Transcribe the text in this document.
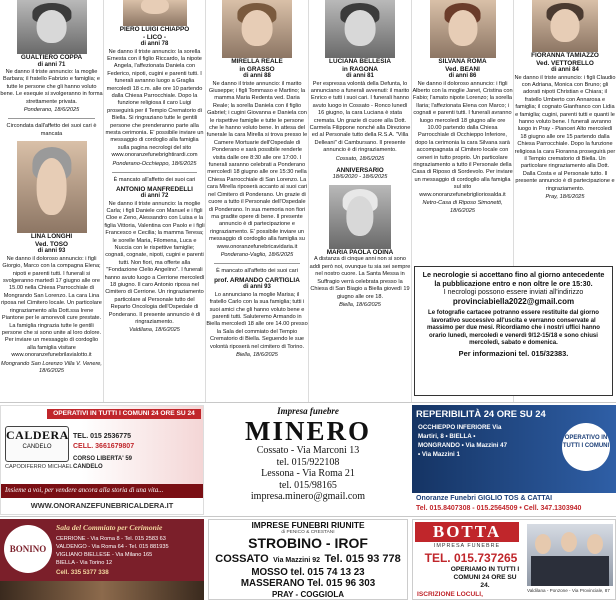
GUALTIERO COPPA
di anni 71

Ne danno il triste annuncio: la moglie Barbara; il fratello Fabrizio e famiglia; e tutte le persone che gli hanno voluto bene. Le esequie si svolgeranno in forma strettamente privata.

Ponderano, 18/6/2025

Circondata dall'affetto dei suoi cari è mancata

LINA LONGHI
Ved. TOSO
di anni 93

Ne danno il doloroso annuncio: i figli Giorgio, Marco con la compagna Elena; nipoti e parenti tutti. I funerali si svolgeranno martedì 17 giugno alle ore 15.00 nella Chiesa Parrocchiale di Mongrando San Lorenzo. La cara Lina riposa nel Cimitero locale. Un particolare ringraziamento alla Dott.ssa Irene Piantone per le amorevoli cure prestate. La famiglia ringrazia tutte le gentili persone che si sono unite al loro dolore. Per inviare un messaggio di cordoglio alla famiglia visitare www.onoranzefunebrilavialotto.it

Mongrando San Lorenzo Villa V. Venere, 18/6/2025

PIERO LUIGI CHIAPPO
- LICO -
di anni 78

Ne danno il triste annuncio: la sorella Ernesta con il figlio Riccardo, la nipote Angela, l'affezionata Daniela con Federico, nipoti, cugini e parenti tutti. I funerali avranno luogo a Graglia mercoledì 18 c.m. alle ore 10 partendo dalla Chiesa Parrocchiale. Dopo la funzione religiosa il caro Luigi proseguirà per il Tempio Crematorio di Biella. Si ringraziano tutte le gentili persone che prenderanno parte alla mesta cerimonia. E' possibile inviare un messaggio di cordoglio alla famiglia sulla pagina necrologi del sito www.onoranzefunebrightirardi.com

Ponderano-Occhieppo, 18/6/2025

È mancato all'affetto dei suoi cari

ANTONIO MANFREDELLI
di anni 72

Ne danno il triste annuncio: la moglie Carla; i figli Daniele con Manuel e i figli Cloe e Zeno, Alessandro con Luisa e la figlia Vittoria, Valentina con Paolo e i figli Francesco e Cecilia; la mamma Teresa; le sorelle Maria, Filomena, Luca e Nuccia con le rispettive famiglie; cognati, cognate, nipoti, cugini e parenti tutti. Non fiori, ma offerte alla "Fondazione Clelio Angelino". I funerali hanno avuto luogo a Cerrione mercoledì 18 giugno. Il caro Antonio riposa nel Cimitero di Cerrione. Un ringraziamento particolare al Personale tutto del Reparto Oncologia dell'Ospedale di Ponderano. Il presente annuncio è di ringraziamento.

Valdilana, 18/6/2025

MIRELLA REALE
in GRASSO
di anni 88

Ne danno il triste annuncio: il marito Giuseppe; i figli Tommaso e Martino; la mamma Maria Redenta ved. Daria Reale; la sorella Daniela con il figlio Gabriel; i cugini Giovanna e Daniela con le rispettive famiglie e tutte le persone che le hanno voluto bene. In attesa del funerale la cara Mirella si trova presso le Camere Mortuarie dell'Ospedale di Ponderano e sarà possibile renderle visita dalle ore 8:30 alle ore 17:00. I funerali saranno celebrati a Ponderano mercoledì 18 giugno alle ore 15:30 nella Chiesa Parrocchiale di San Lorenzo. La cara Mirella riposerà accanto ai suoi cari nel Cimitero di Ponderano. Un grazie di cuore a tutto il Personale dell'Ospedale di Ponderano. In sua memoria non fiori ma gradite opere di bene. Il presente annuncio è di partecipazione e ringraziamento. E' possibile inviare un messaggio di cordoglio alla famiglia su www.onoranzefunebricavidaria.it

Ponderano-Vaglio, 18/6/2025

È mancato all'affetto dei suoi cari

prof. ARMANDO CARTIGLIA
di anni 93

Lo annunciano la moglie Marisa; il fratello Carlo con la sua famiglia; tutti i suoi amici che gli hanno voluto bene e parenti tutti. Saluteremo Armando in Biella mercoledì 18 alle ore 14.00 presso la Sala del commiato del Tempio Crematorio di Biella. Seguendo le sue volontà riposerà nel cimitero di Torino.

Biella, 18/6/2025

LUCIANA BELLESIA
in RAGONA
di anni 81

Per espressa volontà della Defunta, lo annunciano a funerali avvenuti: il marito Enrico e tutti i suoi cari. I funerali hanno avuto luogo in Cossato - Ronco lunedì 16 giugno, la cara Luciana è stata cremata. Un grazie di cuore alla Dott. Carmela Filippone nonché alla Direzione ed al Personale tutto della R.S.A. "Villa Delleani" di Cambursano. Il presente annuncio è di ringraziamento.

Cossato, 18/6/2025

ANNIVERSARIO

18/6/2020 - 18/6/2025

MARIA PAOLA ODINA

A distanza di cinque anni non si sono addi però noi, ovunque tu sia sei sempre nel nostro cuore. La Santa Messa in Suffragio verrà celebrata presso la Chiesa di San Biagio a Biella giovedì 19 giugno alle ore 18.

Biella, 18/6/2025

SILVANA ROMA
Ved. BEANI
di anni 86

Ne danno il doloroso annuncio: i figli Alberto con la moglie Janet, Cristina con Fabio; l'amato nipote Lorenzo; la sorella Ilaria; l'affezionata Elena con Marco; i cognati e parenti tutti. I funerali avranno luogo mercoledì 18 giugno alle ore 10.00 partendo dalla Chiesa Parrocchiale di Occhieppo Inferiore, dopo la cerimonia la cara Silvana sarà accompagnata al Cimitero locale con ceneri in tutto proprio. Un particolare ringraziamento a tutto il Personale della Casa di Riposo di Sordevolo. Per inviare un messaggio di cordoglio alla famiglia sul sito www.onoranzefunebriglioriosalda.it

Netro-Casa di Riposo Simonetti, 18/6/2025

FIORANNA TAMIAZZO
Ved. VETTORELLO
di anni 84

Ne danno il triste annuncio: i figli Claudio con Adriana, Monica con Bruno; gli adorati nipoti Christian e Chiara; il fratello Umberto con Annarosa e famiglia; il cognato Gianfranco con Lidia e famiglia; cugini, parenti tutti e quanti le hanno voluto bene. I funerali avranno luogo in Pray - Pianceri Alto mercoledì 18 giugno alle ore 15 partendo dalla Chiesa Parrocchiale. Dopo la funzione religiosa la cara Fioranna proseguirà per il Tempio crematorio di Biella. Un particolare ringraziamento alla Dott. Dalla Costa e al Personale tutto. Il presente annuncio è di partecipazione e ringraziamento.

Pray, 18/6/2025

Le necrologie si accettano fino al giorno antecedente
la pubblicazione entro e non oltre le ore 15:30.
I necrologi possono essere inviati all'indirizzo
provinciabiella2022@gmail.com
Le fotografie cartacee potranno essere restituite dal giorno lavorativo successivo all'uscita e verranno conservate al massimo per due mesi. Ricordiamo che i nostri uffici hanno orario lunedì, mercoledì e venerdì 9/12-15/18 e sono chiusi mercoledì, sabato e domenica.
Per informazioni tel. 015/32383.
OPERATIVI IN TUTTI I COMUNI 24 ORE SU 24
CALDERA
CANDELO
TEL. 015 2536775
CELL. 3661679807
CORSO LIBERTA' 59 CANDELO
CAPODIFERRO MICHAEL
Insieme a voi, per vendere ancora alla storia di una vita...
WWW.ONORANZEFUNEBRICALDERA.IT
Impresa funebre
MINERO
Cossato - Via Marconi 13
tel. 015/922108
Lessona - Via Roma 21
tel. 015/98165
impresa.minero@gmail.com
REPERIBILITÀ 24 ORE SU 24
OCCHIEPPO INFERIORE Via Martiri, 8 • BIELLA • MONGRANDO • Via Mazzini 47 • Via Mazzini 1
OPERATIVO IN TUTTI I COMUNI
Onoranze Funebri GIGLIO TOS & CATTAI
Tel. 015.8407308 - 015.2564509 • Cell. 347.1303940
BONINO
Sala del Commiato per Cerimonie
CERRIONE - Via Roma 8 - Tel. 015 2583 63
VALDENGO - Via Roma 64 - Tel. 015 881935
VIGLIANO BIELLESE - Via Milano 165
BIELLA - Via Torino 12
Cell. 335 5377 338
IMPRESE FUNEBRI RIUNITE
di PENICO & CRESTANI
STROBINO - IROF
COSSATO Via Mazzini 92 Tel. 015 93 778
MOSSO tel. 015 74 13 23
MASSERANO Tel. 015 96 303
PRAY - COGGIOLA
BOTTA
IMPRESA FUNEBRE
TEL. 015.737265
OPERIAMO IN TUTTI I COMUNI 24 ORE SU 24.
ISCRIZIONE LOCULI,
Valdilana - Ponzone - Via Provinciale, 87
